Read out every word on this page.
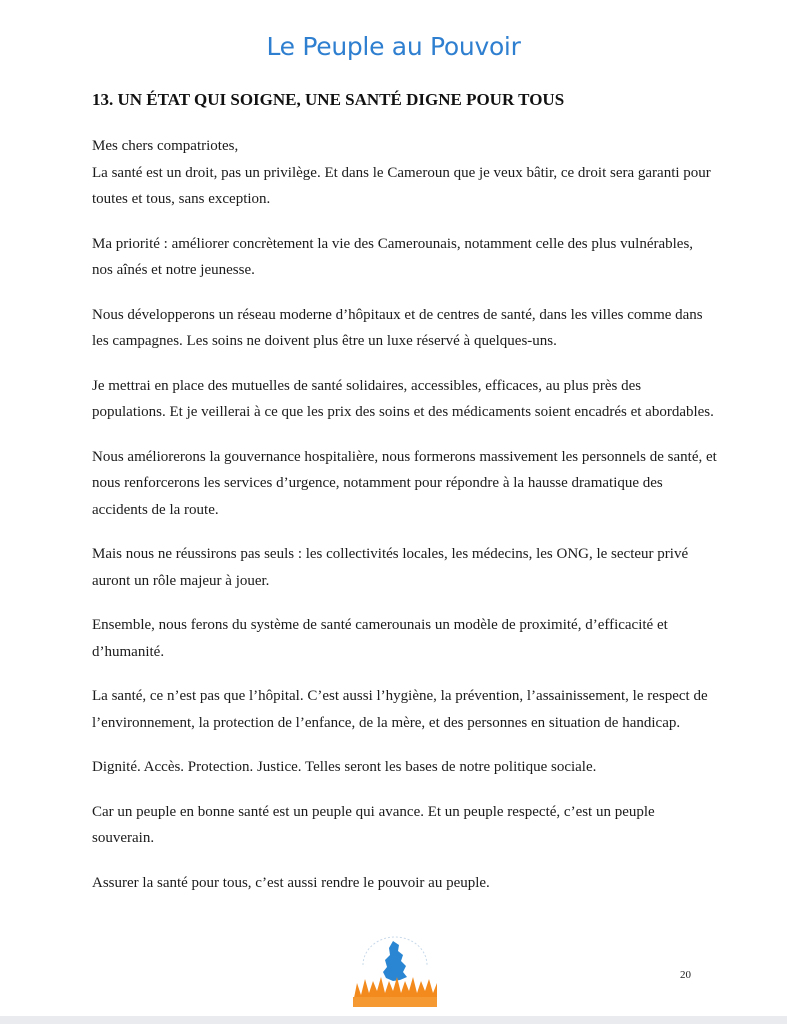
Le Peuple au Pouvoir
13. UN ÉTAT QUI SOIGNE, UNE SANTÉ DIGNE POUR TOUS

Mes chers compatriotes,
La santé est un droit, pas un privilège. Et dans le Cameroun que je veux bâtir, ce droit sera garanti pour toutes et tous, sans exception.

Ma priorité : améliorer concrètement la vie des Camerounais, notamment celle des plus vulnérables, nos aînés et notre jeunesse.

Nous développerons un réseau moderne d’hôpitaux et de centres de santé, dans les villes comme dans les campagnes. Les soins ne doivent plus être un luxe réservé à quelques-uns.

Je mettrai en place des mutuelles de santé solidaires, accessibles, efficaces, au plus près des populations. Et je veillerai à ce que les prix des soins et des médicaments soient encadrés et abordables.

Nous améliorerons la gouvernance hospitalière, nous formerons massivement les personnels de santé, et nous renforcerons les services d’urgence, notamment pour répondre à la hausse dramatique des accidents de la route.

Mais nous ne réussirons pas seuls : les collectivités locales, les médecins, les ONG, le secteur privé auront un rôle majeur à jouer.

Ensemble, nous ferons du système de santé camerounais un modèle de proximité, d’efficacité et d’humanité.

La santé, ce n’est pas que l’hôpital. C’est aussi l’hygiène, la prévention, l’assainissement, le respect de l’environnement, la protection de l’enfance, de la mère, et des personnes en situation de handicap.

Dignité. Accès. Protection. Justice. Telles seront les bases de notre politique sociale.

Car un peuple en bonne santé est un peuple qui avance. Et un peuple respecté, c’est un peuple souverain.

Assurer la santé pour tous, c’est aussi rendre le pouvoir au peuple.

20
